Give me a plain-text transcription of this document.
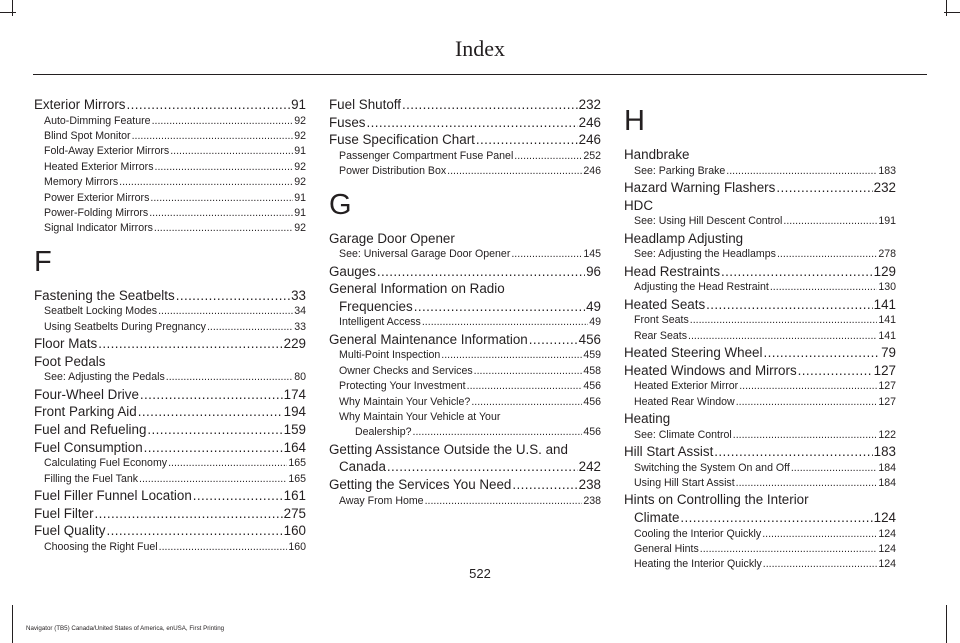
Index
Exterior Mirrors .....	91
Auto-Dimming Feature .....	92
Blind Spot Monitor .....	92
Fold-Away Exterior Mirrors .....	91
Heated Exterior Mirrors .....	92
Memory Mirrors .....	92
Power Exterior Mirrors .....	91
Power-Folding Mirrors .....	91
Signal Indicator Mirrors .....	92
F
Fastening the Seatbelts .....	33
Seatbelt Locking Modes .....	34
Using Seatbelts During Pregnancy .....	33
Floor Mats .....	229
Foot Pedals
See: Adjusting the Pedals .....	80
Four-Wheel Drive .....	174
Front Parking Aid .....	194
Fuel and Refueling .....	159
Fuel Consumption .....	164
Calculating Fuel Economy .....	165
Filling the Fuel Tank .....	165
Fuel Filler Funnel Location .....	161
Fuel Filter .....	275
Fuel Quality .....	160
Choosing the Right Fuel .....	160
Fuel Shutoff .....	232
Fuses .....	246
Fuse Specification Chart .....	246
Passenger Compartment Fuse Panel .....	252
Power Distribution Box .....	246
G
Garage Door Opener
See: Universal Garage Door Opener .....	145
Gauges .....	96
General Information on Radio
Frequencies .....	49
Intelligent Access .....	49
General Maintenance Information .....	456
Multi-Point Inspection .....	459
Owner Checks and Services .....	458
Protecting Your Investment .....	456
Why Maintain Your Vehicle? .....	456
Why Maintain Your Vehicle at Your
Dealership? .....	456
Getting Assistance Outside the U.S. and
Canada .....	242
Getting the Services You Need .....	238
Away From Home .....	238
H
Handbrake
See: Parking Brake .....	183
Hazard Warning Flashers .....	232
HDC
See: Using Hill Descent Control .....	191
Headlamp Adjusting
See: Adjusting the Headlamps .....	278
Head Restraints .....	129
Adjusting the Head Restraint .....	130
Heated Seats .....	141
Front Seats .....	141
Rear Seats .....	141
Heated Steering Wheel .....	79
Heated Windows and Mirrors .....	127
Heated Exterior Mirror .....	127
Heated Rear Window .....	127
Heating
See: Climate Control .....	122
Hill Start Assist .....	183
Switching the System On and Off .....	184
Using Hill Start Assist .....	184
Hints on Controlling the Interior
Climate .....	124
Cooling the Interior Quickly .....	124
General Hints .....	124
Heating the Interior Quickly .....	124
522
Navigator (TB5) Canada/United States of America, enUSA, First Printing
